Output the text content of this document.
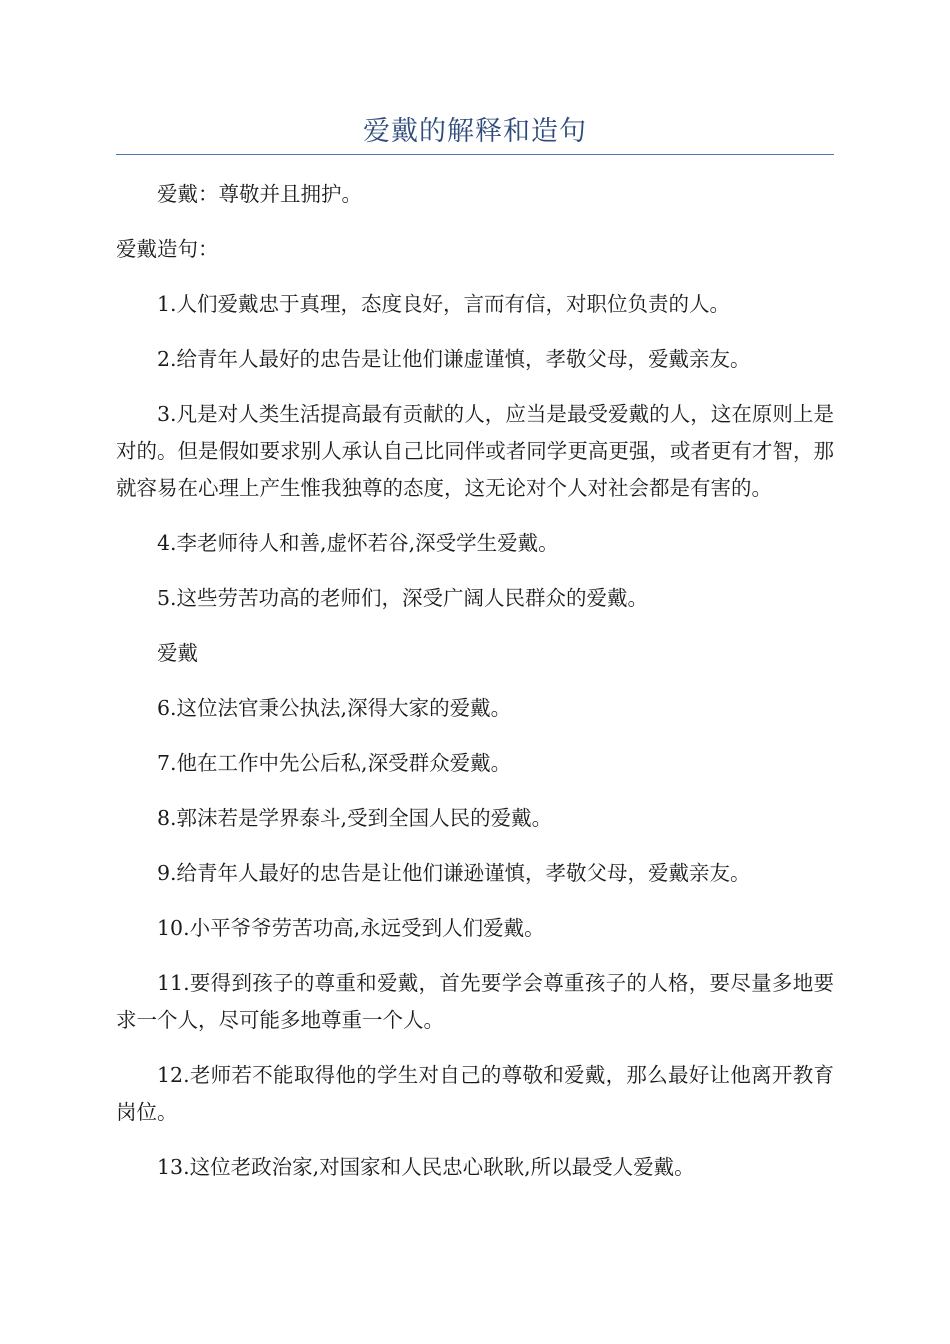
爱戴的解释和造句

爱戴：尊敬并且拥护。

爱戴造句：

1.人们爱戴忠于真理，态度良好，言而有信，对职位负责的人。

2.给青年人最好的忠告是让他们谦虚谨慎，孝敬父母，爱戴亲友。

3.凡是对人类生活提高最有贡献的人，应当是最受爱戴的人，这在原则上是对的。但是假如要求别人承认自己比同伴或者同学更高更强，或者更有才智，那就容易在心理上产生惟我独尊的态度，这无论对个人对社会都是有害的。

4.李老师待人和善,虚怀若谷,深受学生爱戴。

5.这些劳苦功高的老师们，深受广阔人民群众的爱戴。

爱戴

6.这位法官秉公执法,深得大家的爱戴。

7.他在工作中先公后私,深受群众爱戴。

8.郭沫若是学界泰斗,受到全国人民的爱戴。

9.给青年人最好的忠告是让他们谦逊谨慎，孝敬父母，爱戴亲友。

10.小平爷爷劳苦功高,永远受到人们爱戴。

11.要得到孩子的尊重和爱戴，首先要学会尊重孩子的人格，要尽量多地要求一个人，尽可能多地尊重一个人。

12.老师若不能取得他的学生对自己的尊敬和爱戴，那么最好让他离开教育岗位。

13.这位老政治家,对国家和人民忠心耿耿,所以最受人爱戴。
